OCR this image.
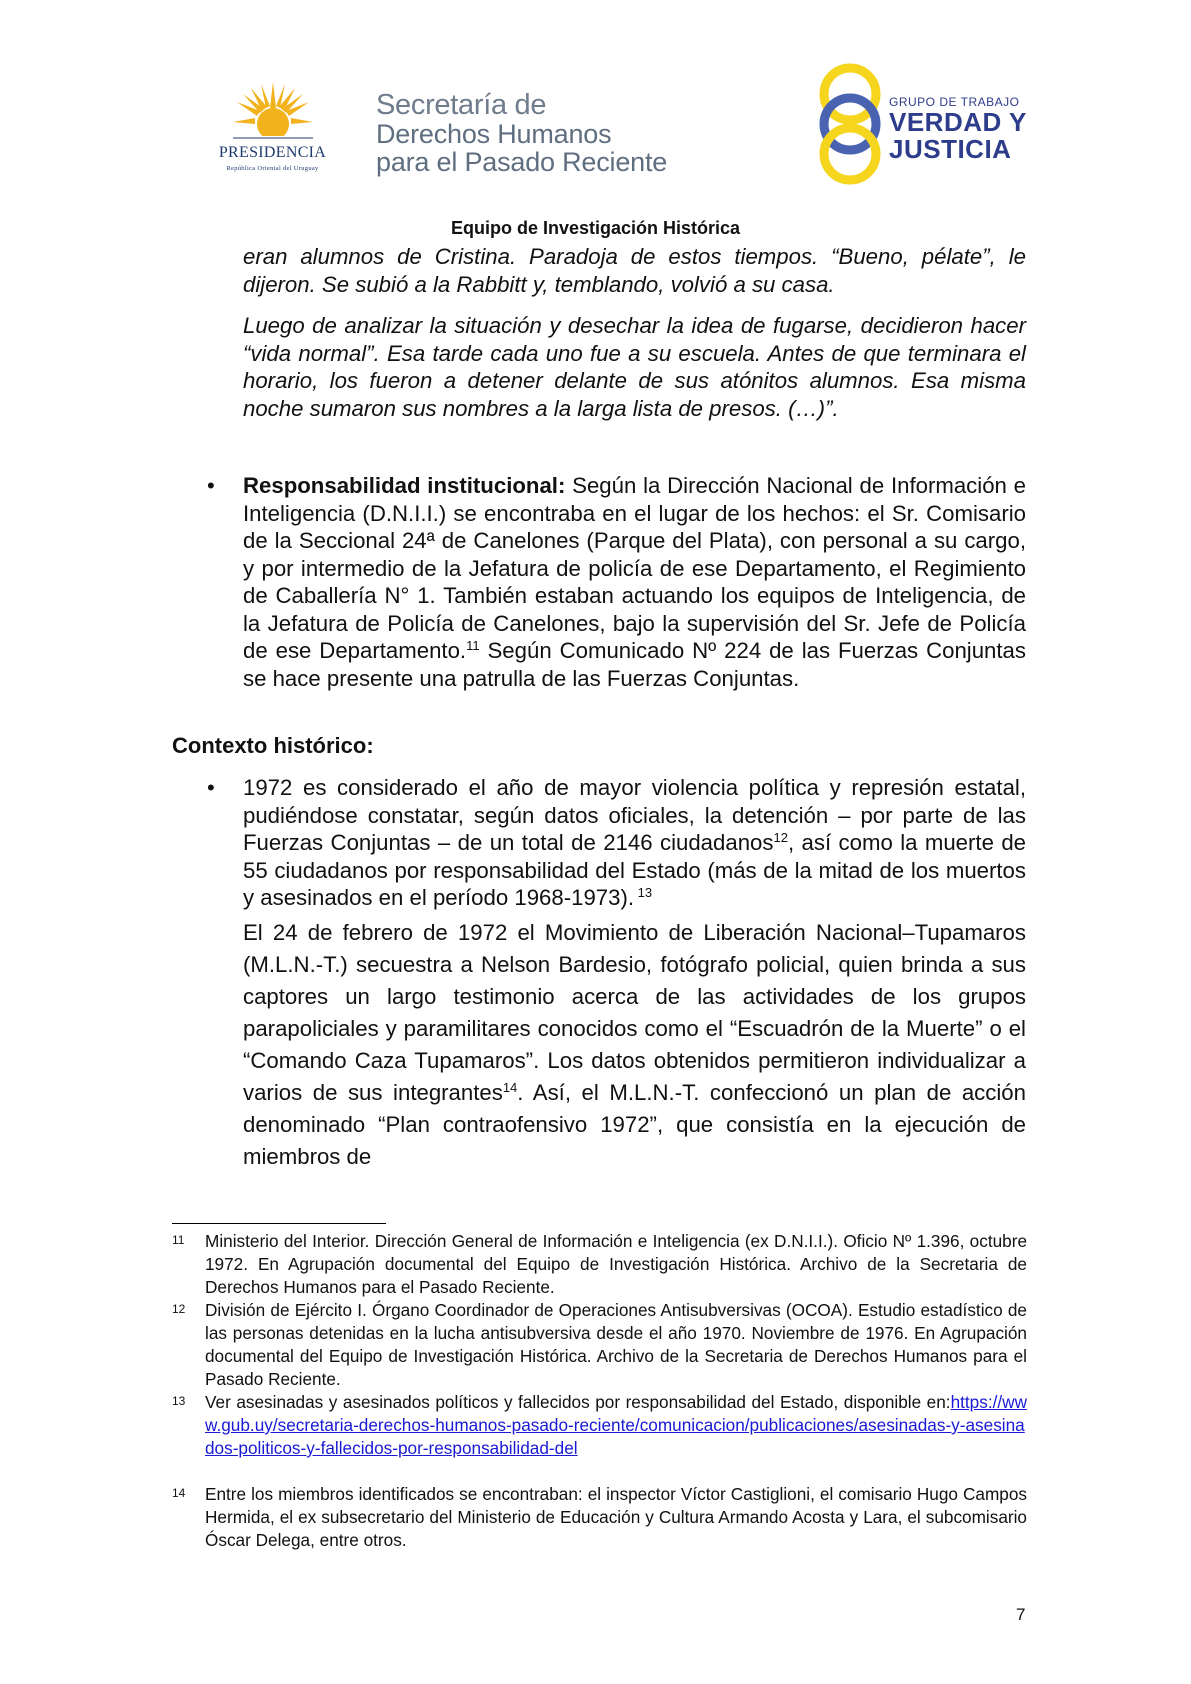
PRESIDENCIA
República Oriental del Uruguay
Secretaría de
Derechos Humanos
para el Pasado Reciente
GRUPO DE TRABAJO
VERDAD Y
JUSTICIA
Equipo de Investigación Histórica

eran alumnos de Cristina. Paradoja de estos tiempos. “Bueno, pélate”, le dijeron. Se subió a la Rabbitt y, temblando, volvió a su casa.

Luego de analizar la situación y desechar la idea de fugarse, decidieron hacer “vida normal”. Esa tarde cada uno fue a su escuela. Antes de que terminara el horario, los fueron a detener delante de sus atónitos alumnos. Esa misma noche sumaron sus nombres a la larga lista de presos. (…)”.

• Responsabilidad institucional: Según la Dirección Nacional de Información e Inteligencia (D.N.I.I.) se encontraba en el lugar de los hechos: el Sr. Comisario de la Seccional 24ª de Canelones (Parque del Plata), con personal a su cargo, y por intermedio de la Jefatura de policía de ese Departamento, el Regimiento de Caballería N° 1. También estaban actuando los equipos de Inteligencia, de la Jefatura de Policía de Canelones, bajo la supervisión del Sr. Jefe de Policía de ese Departamento.$^{11}$ Según Comunicado Nº 224 de las Fuerzas Conjuntas se hace presente una patrulla de las Fuerzas Conjuntas.

Contexto histórico:
• 1972 es considerado el año de mayor violencia política y represión estatal, pudiéndose constatar, según datos oficiales, la detención – por parte de las Fuerzas Conjuntas – de un total de 2146 ciudadanos$^{12}$, así como la muerte de 55 ciudadanos por responsabilidad del Estado (más de la mitad de los muertos y asesinados en el período 1968-1973). $^{13}$

El 24 de febrero de 1972 el Movimiento de Liberación Nacional–Tupamaros (M.L.N.-T.) secuestra a Nelson Bardesio, fotógrafo policial, quien brinda a sus captores un largo testimonio acerca de las actividades de los grupos parapoliciales y paramilitares conocidos como el “Escuadrón de la Muerte” o el “Comando Caza Tupamaros”. Los datos obtenidos permitieron individualizar a varios de sus integrantes$^{14}$. Así, el M.L.N.-T. confeccionó un plan de acción denominado “Plan contraofensivo 1972”, que consistía en la ejecución de miembros de

11 Ministerio del Interior. Dirección General de Información e Inteligencia (ex D.N.I.I.). Oficio Nº 1.396, octubre 1972. En Agrupación documental del Equipo de Investigación Histórica. Archivo de la Secretaria de Derechos Humanos para el Pasado Reciente.
12 División de Ejército I. Órgano Coordinador de Operaciones Antisubversivas (OCOA). Estudio estadístico de las personas detenidas en la lucha antisubversiva desde el año 1970. Noviembre de 1976. En Agrupación documental del Equipo de Investigación Histórica. Archivo de la Secretaria de Derechos Humanos para el Pasado Reciente.
13 Ver asesinadas y asesinados políticos y fallecidos por responsabilidad del Estado, disponible en:https://www.gub.uy/secretaria-derechos-humanos-pasado-reciente/comunicacion/publicaciones/asesinadas-y-asesinados-politicos-y-fallecidos-por-responsabilidad-del
14 Entre los miembros identificados se encontraban: el inspector Víctor Castiglioni, el comisario Hugo Campos Hermida, el ex subsecretario del Ministerio de Educación y Cultura Armando Acosta y Lara, el subcomisario Óscar Delega, entre otros.
7
